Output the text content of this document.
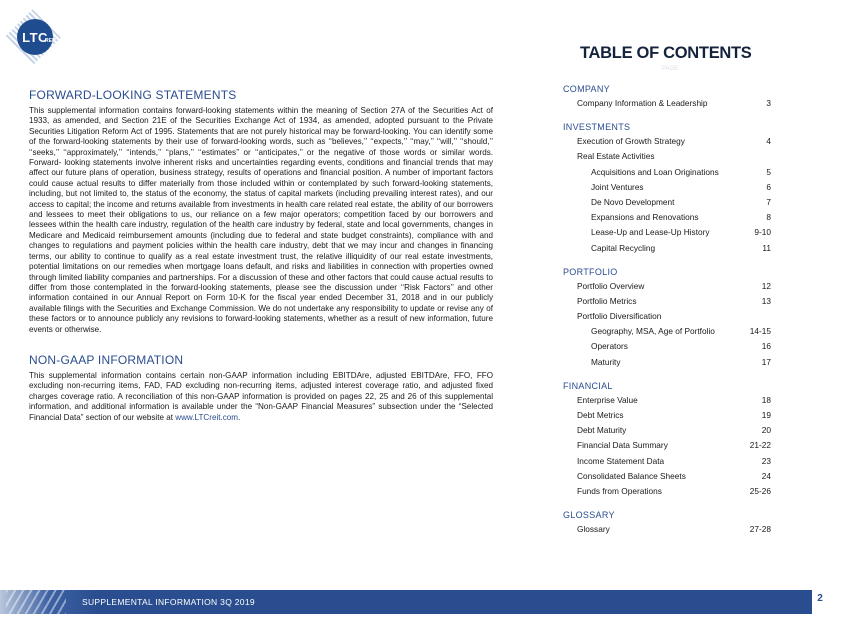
LTC
REIT
FORWARD-LOOKING STATEMENTS

This supplemental information contains forward-looking statements within the meaning of Section 27A of the Securities Act of 1933, as amended, and Section 21E of the Securities Exchange Act of 1934, as amended, adopted pursuant to the Private Securities Litigation Reform Act of 1995. Statements that are not purely historical may be forward-looking. You can identify some of the forward-looking statements by their use of forward-looking words, such as ‘‘believes,’’ ‘‘expects,’’ ‘‘may,’’ ‘‘will,’’ ‘‘should,’’ ‘‘seeks,’’ ‘‘approximately,’’ ‘‘intends,’’ ‘‘plans,’’ ‘‘estimates’’ or ‘‘anticipates,’’ or the negative of those words or similar words. Forward- looking statements involve inherent risks and uncertainties regarding events, conditions and financial trends that may affect our future plans of operation, business strategy, results of operations and financial position. A number of important factors could cause actual results to differ materially from those included within or contemplated by such forward-looking statements, including, but not limited to, the status of the economy, the status of capital markets (including prevailing interest rates), and our access to capital; the income and returns available from investments in health care related real estate, the ability of our borrowers and lessees to meet their obligations to us, our reliance on a few major operators; competition faced by our borrowers and lessees within the health care industry, regulation of the health care industry by federal, state and local governments, changes in Medicare and Medicaid reimbursement amounts (including due to federal and state budget constraints), compliance with and changes to regulations and payment policies within the health care industry, debt that we may incur and changes in financing terms, our ability to continue to qualify as a real estate investment trust, the relative illiquidity of our real estate investments, potential limitations on our remedies when mortgage loans default, and risks and liabilities in connection with properties owned through limited liability companies and partnerships. For a discussion of these and other factors that could cause actual results to differ from those contemplated in the forward-looking statements, please see the discussion under ‘‘Risk Factors’’ and other information contained in our Annual Report on Form 10-K for the fiscal year ended December 31, 2018 and in our publicly available filings with the Securities and Exchange Commission. We do not undertake any responsibility to update or revise any of these factors or to announce publicly any revisions to forward-looking statements, whether as a result of new information, future events or otherwise.

NON-GAAP INFORMATION

This supplemental information contains certain non-GAAP information including EBITDAre, adjusted EBITDAre, FFO, FFO excluding non-recurring items, FAD, FAD excluding non-recurring items, adjusted interest coverage ratio, and adjusted fixed charges coverage ratio. A reconciliation of this non-GAAP information is provided on pages 22, 25 and 26 of this supplemental information, and additional information is available under the “Non-GAAP Financial Measures” subsection under the “Selected Financial Data” section of our website at www.LTCreit.com.

TABLE OF CONTENTS
PAGE
COMPANY
Company Information & Leadership	3
INVESTMENTS
Execution of Growth Strategy	4
Real Estate Activities
Acquisitions and Loan Originations	5
Joint Ventures	6
De Novo Development	7
Expansions and Renovations	8
Lease-Up and Lease-Up History	9-10
Capital Recycling	11
PORTFOLIO
Portfolio Overview	12
Portfolio Metrics	13
Portfolio Diversification
Geography, MSA, Age of Portfolio	14-15
Operators	16
Maturity	17
FINANCIAL
Enterprise Value	18
Debt Metrics	19
Debt Maturity	20
Financial Data Summary	21-22
Income Statement Data	23
Consolidated Balance Sheets	24
Funds from Operations	25-26
GLOSSARY
Glossary	27-28
SUPPLEMENTAL INFORMATION 3Q 2019	2
